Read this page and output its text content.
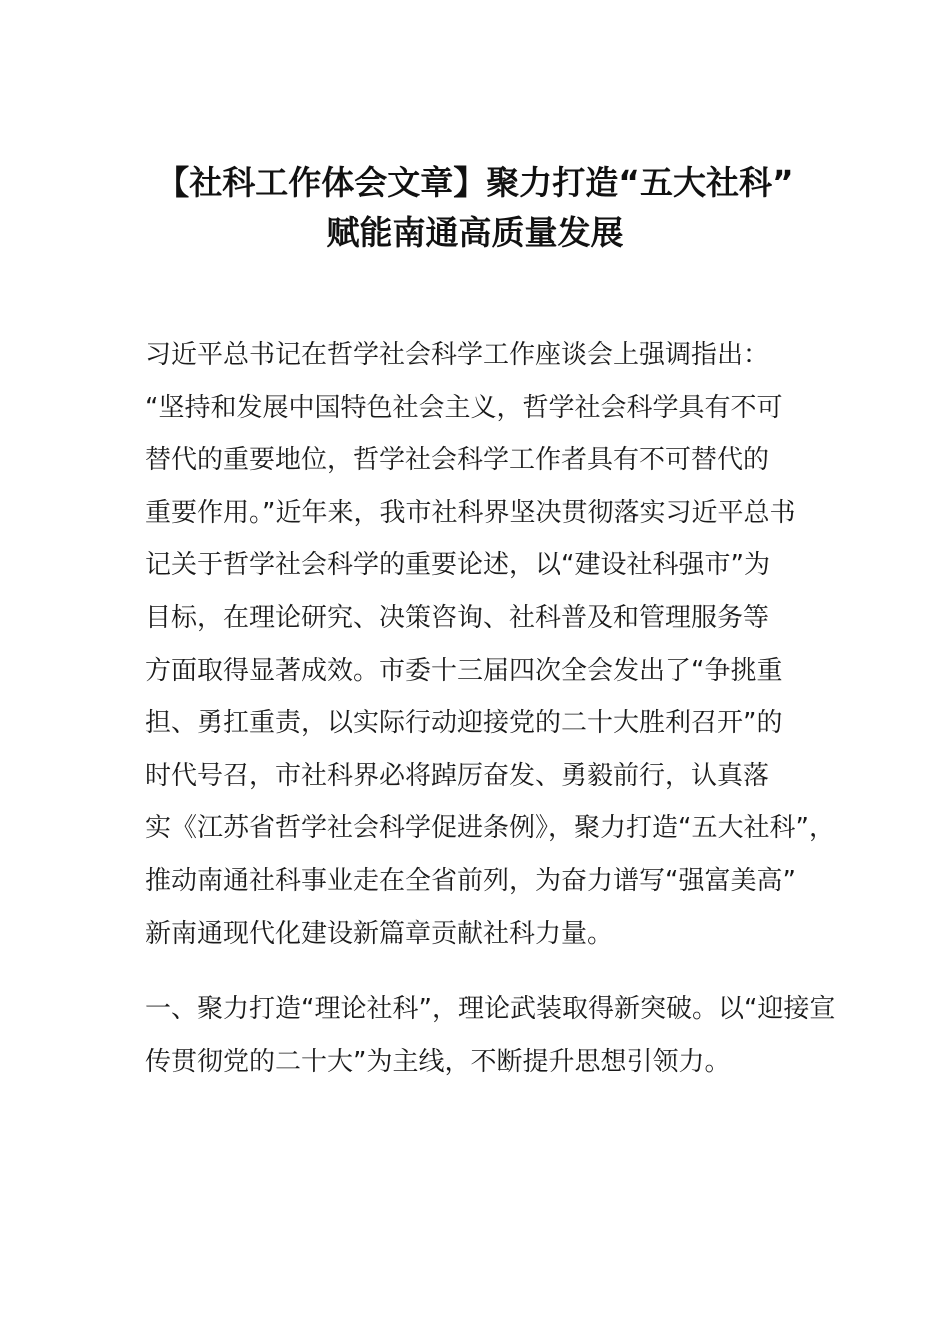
【社科工作体会文章】聚力打造“五大社科”
赋能南通高质量发展
习近平总书记在哲学社会科学工作座谈会上强调指出：
“坚持和发展中国特色社会主义，哲学社会科学具有不可
替代的重要地位，哲学社会科学工作者具有不可替代的
重要作用。”近年来，我市社科界坚决贯彻落实习近平总书
记关于哲学社会科学的重要论述，以“建设社科强市”为
目标，在理论研究、决策咨询、社科普及和管理服务等
方面取得显著成效。市委十三届四次全会发出了“争挑重
担、勇扛重责，以实际行动迎接党的二十大胜利召开”的
时代号召，市社科界必将踔厉奋发、勇毅前行，认真落
实《江苏省哲学社会科学促进条例》，聚力打造“五大社科”，
推动南通社科事业走在全省前列，为奋力谱写“强富美高”
新南通现代化建设新篇章贡献社科力量。
一、聚力打造“理论社科”，理论武装取得新突破。以“迎接宣
传贯彻党的二十大”为主线，不断提升思想引领力。
